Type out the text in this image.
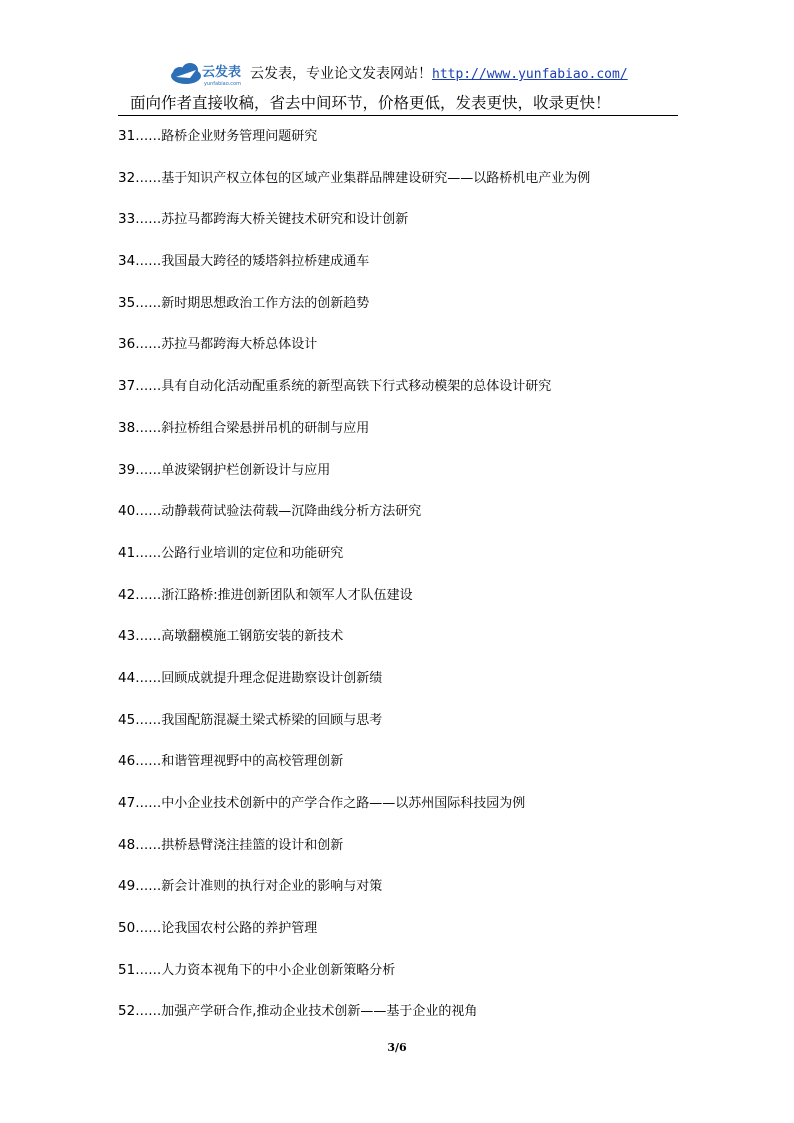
云发表
yunfabiao.com
云发表，专业论文发表网站！http://www.yunfabiao.com/
面向作者直接收稿，省去中间环节，价格更低，发表更快，收录更快！
31……路桥企业财务管理问题研究
32……基于知识产权立体包的区域产业集群品牌建设研究——以路桥机电产业为例
33……苏拉马都跨海大桥关键技术研究和设计创新
34……我国最大跨径的矮塔斜拉桥建成通车
35……新时期思想政治工作方法的创新趋势
36……苏拉马都跨海大桥总体设计
37……具有自动化活动配重系统的新型高铁下行式移动模架的总体设计研究
38……斜拉桥组合梁悬拼吊机的研制与应用
39……单波梁钢护栏创新设计与应用
40……动静载荷试验法荷载—沉降曲线分析方法研究
41……公路行业培训的定位和功能研究
42……浙江路桥:推进创新团队和领军人才队伍建设
43……高墩翻模施工钢筋安装的新技术
44……回顾成就提升理念促进勘察设计创新绩
45……我国配筋混凝土梁式桥梁的回顾与思考
46……和谐管理视野中的高校管理创新
47……中小企业技术创新中的产学合作之路——以苏州国际科技园为例
48……拱桥悬臂浇注挂篮的设计和创新
49……新会计准则的执行对企业的影响与对策
50……论我国农村公路的养护管理
51……人力资本视角下的中小企业创新策略分析
52……加强产学研合作,推动企业技术创新——基于企业的视角
3/6
